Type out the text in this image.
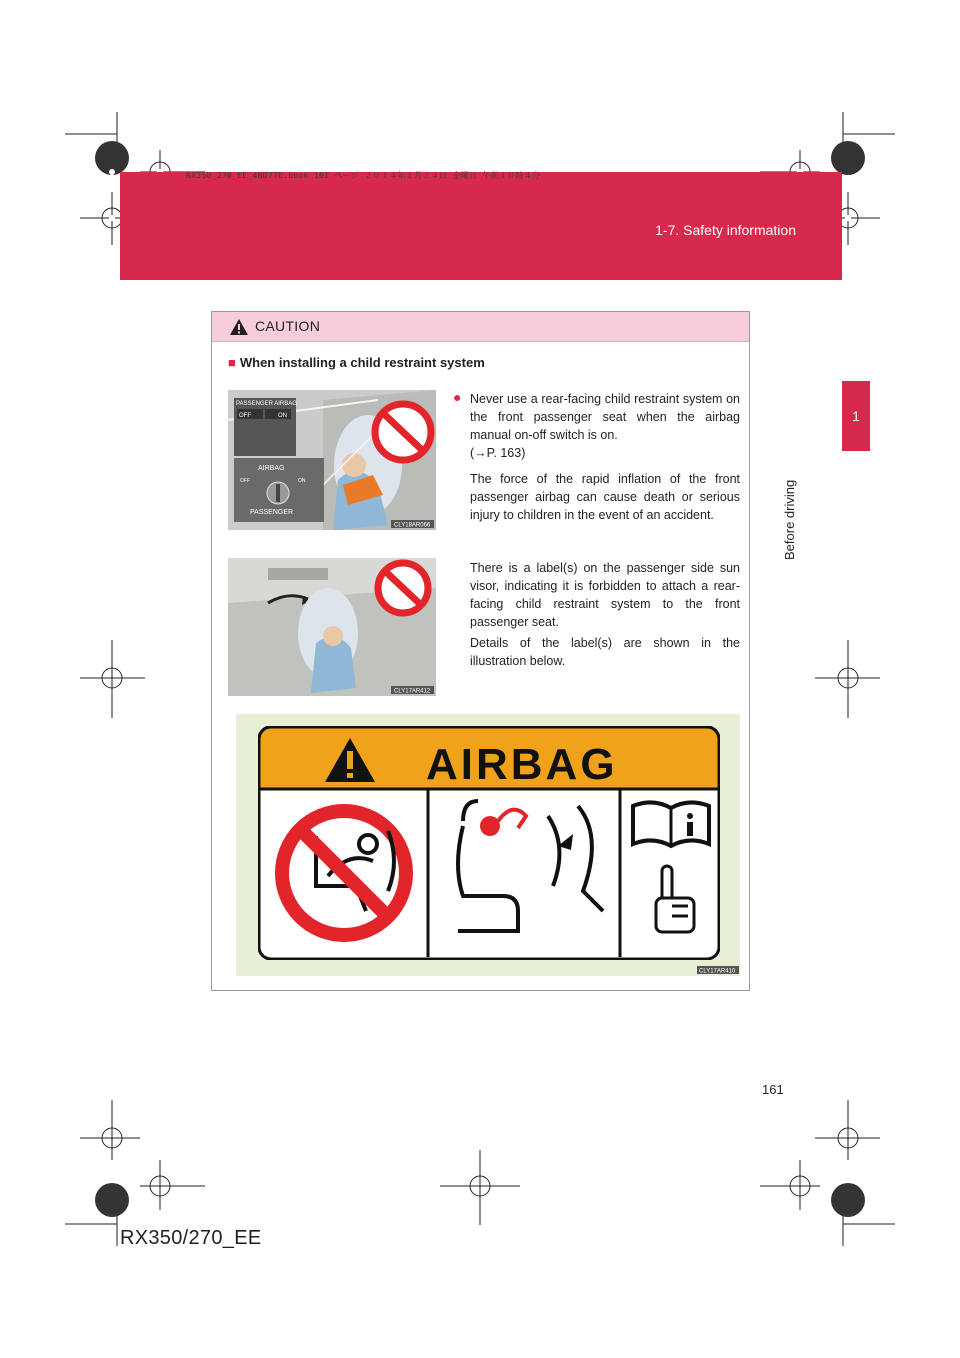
RX350_270_EE_48D77E.book 161 ページ ２０１４年１月２４日 金曜日 午前１０時４分
1-7. Safety information
1
Before driving
CAUTION
■ When installing a child restraint system
PASSENGER AIRBAG
OFF	ON
AIRBAG
OFF	ON
PASSENGER
CLY18AR066
CLY17AR412
● Never use a rear-facing child restraint system on the front passenger seat when the airbag manual on-off switch is on.
(→P. 163)
The force of the rapid inflation of the front passenger airbag can cause death or serious injury to children in the event of an accident.
There is a label(s) on the passenger side sun visor, indicating it is forbidden to attach a rear-facing child restraint system to the front passenger seat.
Details of the label(s) are shown in the illustration below.
AIRBAG
CLY17AR410
161
RX350/270_EE
